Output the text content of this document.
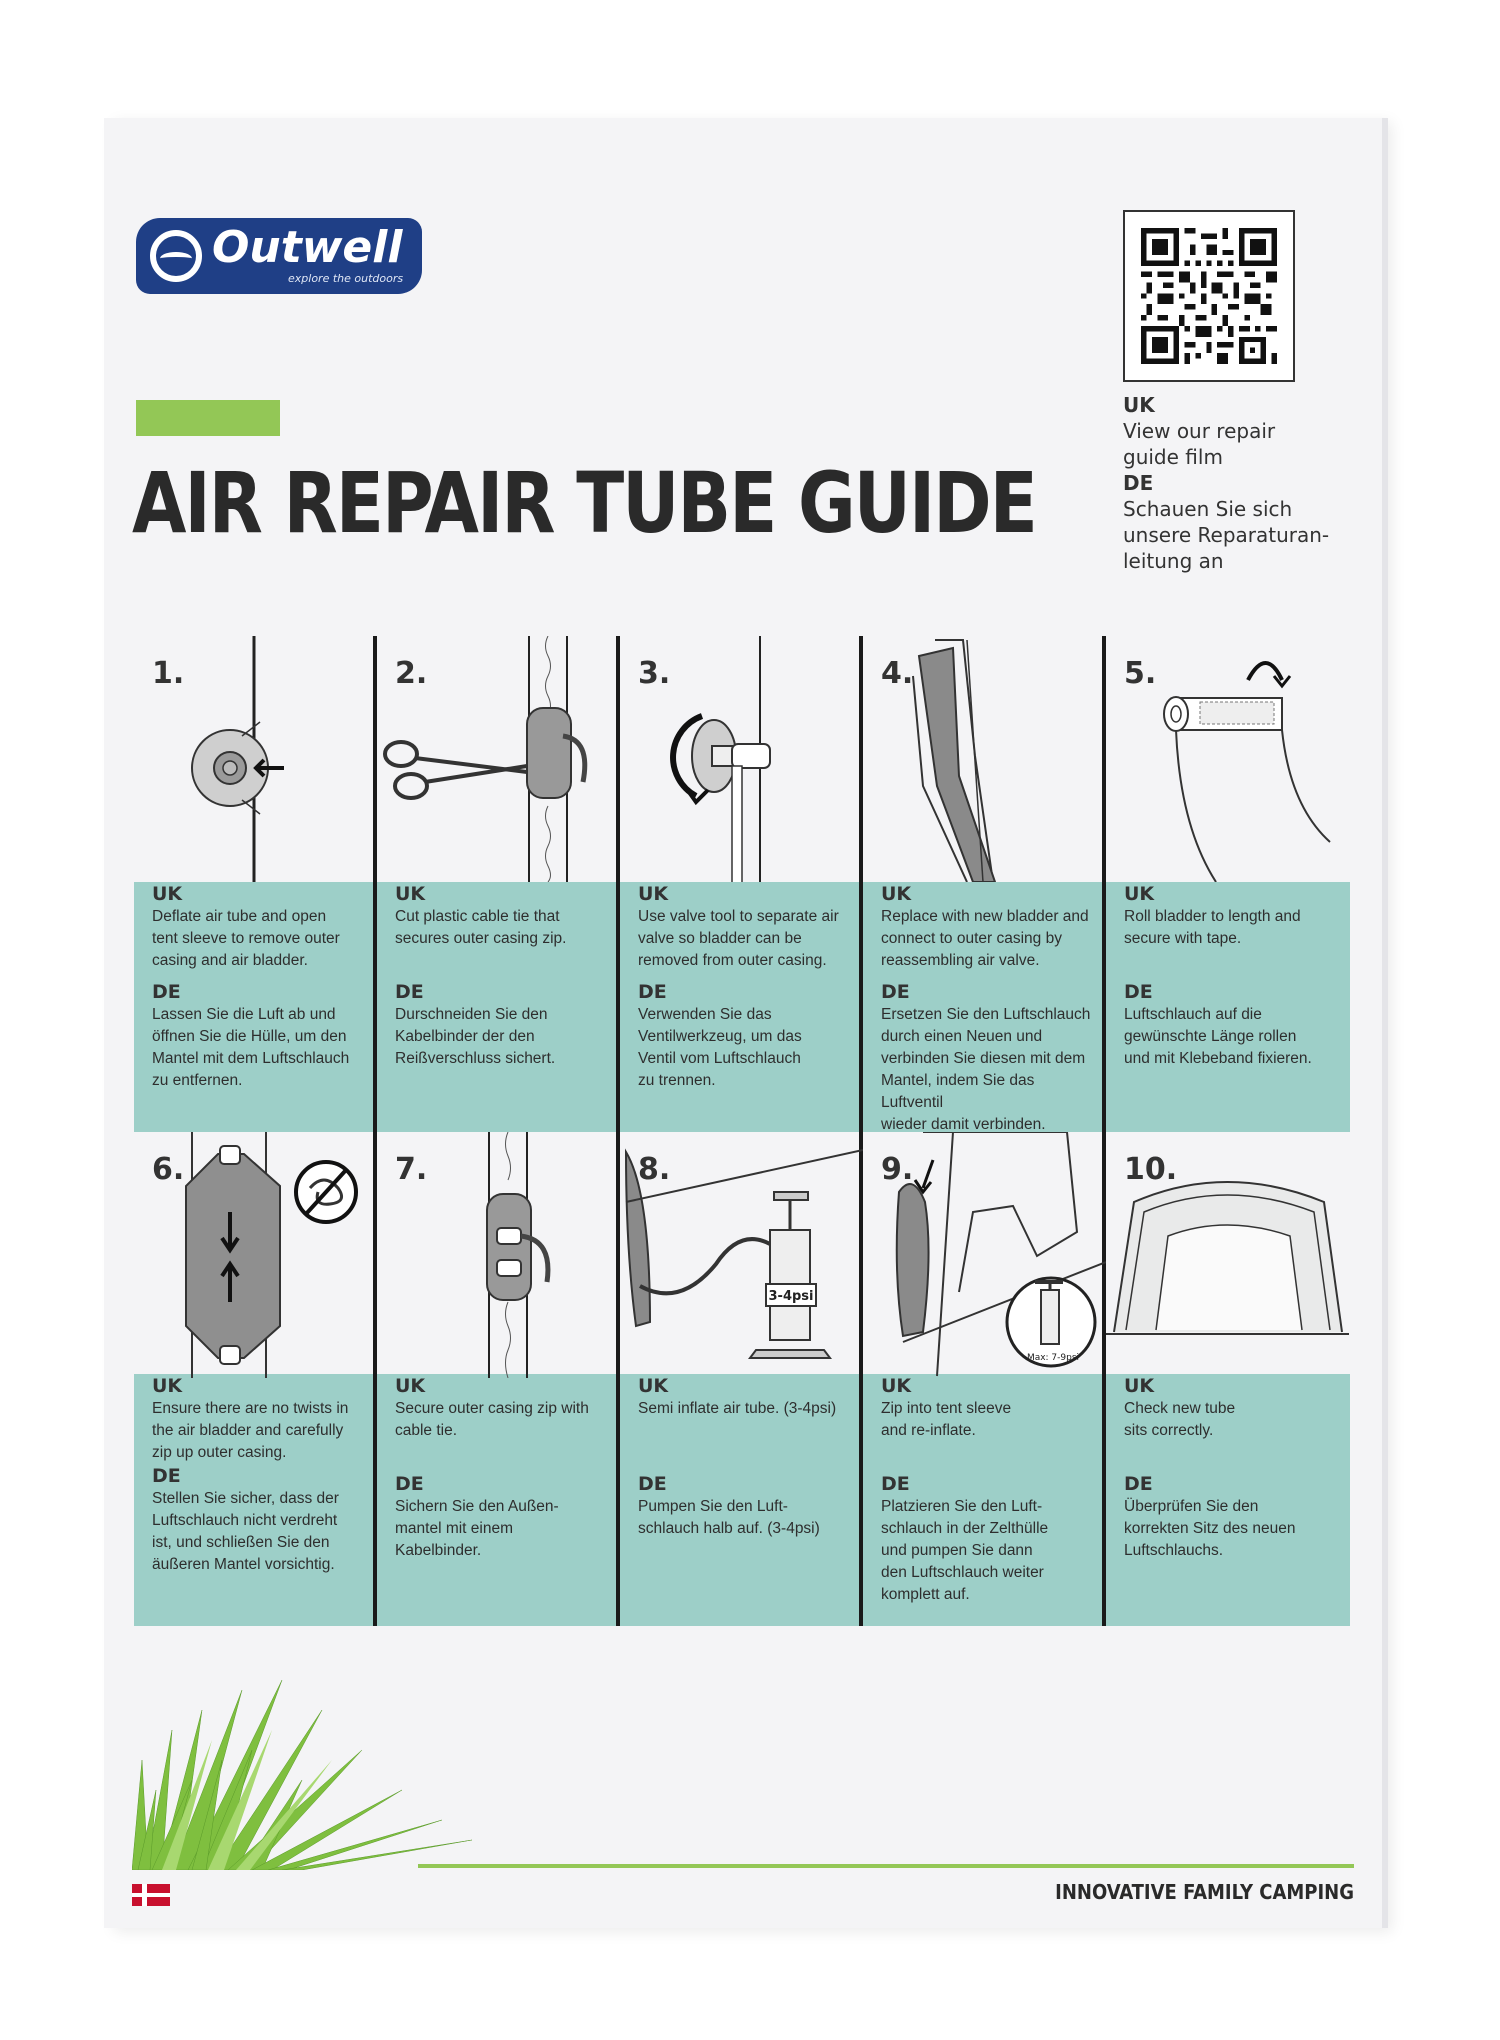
Outwell
explore the outdoors
AIR REPAIR TUBE GUIDE
UK
View our repair
guide film
DE
Schauen Sie sich
unsere Reparaturan-
leitung an
1.
UK
Deflate air tube and open
tent sleeve to remove outer
casing and air bladder.
DE
Lassen Sie die Luft ab und
öffnen Sie die Hülle, um den
Mantel mit dem Luftschlauch
zu entfernen.
2.
UK
Cut plastic cable tie that
secures outer casing zip.
DE
Durschneiden Sie den
Kabelbinder der den
Reißverschluss sichert.
3.
UK
Use valve tool to separate air
valve so bladder can be
removed from outer casing.
DE
Verwenden Sie das
Ventilwerkzeug, um das
Ventil vom Luftschlauch
zu trennen.
4.
UK
Replace with new bladder and
connect to outer casing by
reassembling air valve.
DE
Ersetzen Sie den Luftschlauch
durch einen Neuen und
verbinden Sie diesen mit dem
Mantel, indem Sie das Luftventil
wieder damit verbinden.
5.
UK
Roll bladder to length and
secure with tape.
DE
Luftschlauch auf die
gewünschte Länge rollen
und mit Klebeband fixieren.
6.
UK
Ensure there are no twists in
the air bladder and carefully
zip up outer casing.
DE
Stellen Sie sicher, dass der
Luftschlauch nicht verdreht
ist, und schließen Sie den
äußeren Mantel vorsichtig.
7.
UK
Secure outer casing zip with
cable tie.
DE
Sichern Sie den Außen-
mantel mit einem
Kabelbinder.
3-4psi
8.
UK
Semi inflate air tube. (3-4psi)
DE
Pumpen Sie den Luft-
schlauch halb auf. (3-4psi)
Max: 7-9psi
9.
UK
Zip into tent sleeve
and re-inflate.
DE
Platzieren Sie den Luft-
schlauch in der Zelthülle
und pumpen Sie dann
den Luftschlauch weiter
komplett auf.
10.
UK
Check new tube
sits correctly.
DE
Überprüfen Sie den
korrekten Sitz des neuen
Luftschlauchs.
INNOVATIVE FAMILY CAMPING
